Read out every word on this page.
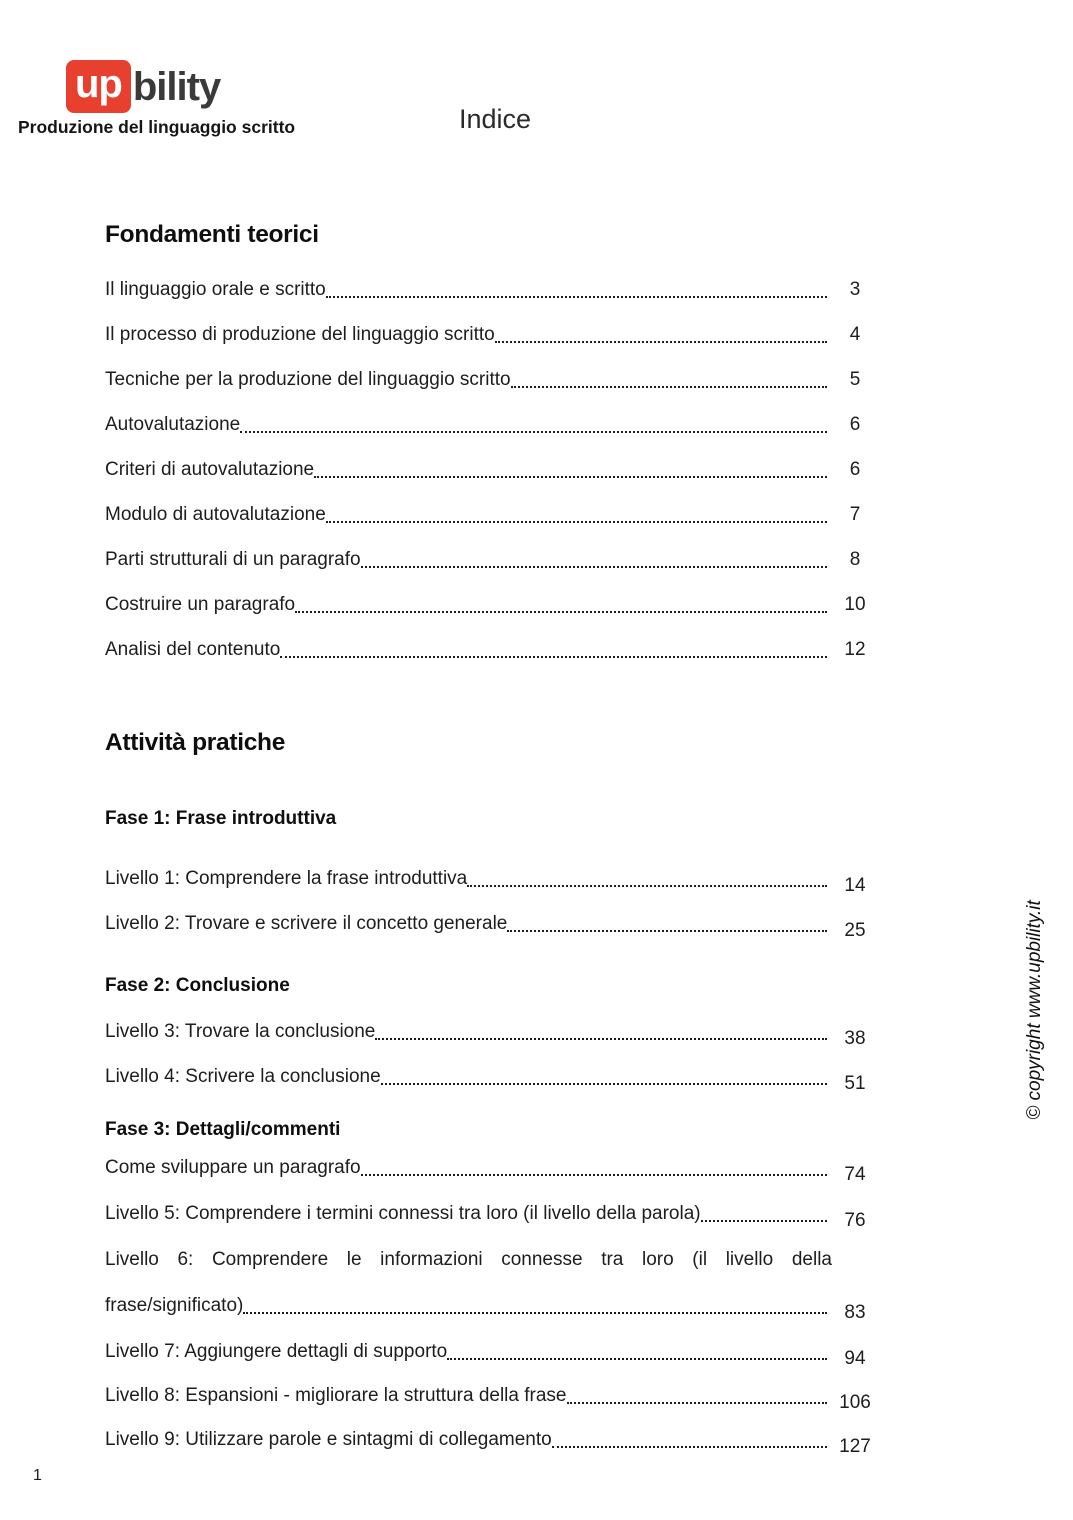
up bility
Produzione del linguaggio scritto	Indice
Fondamenti teorici
Il linguaggio orale e scritto	3
Il processo di produzione del linguaggio scritto	4
Tecniche per la produzione del linguaggio scritto	5
Autovalutazione	6
Criteri di autovalutazione	6
Modulo di autovalutazione	7
Parti strutturali di un paragrafo	8
Costruire un paragrafo	10
Analisi del contenuto	12
Attività pratiche
Fase 1: Frase introduttiva
Livello 1: Comprendere la frase introduttiva	14
Livello 2: Trovare e scrivere il concetto generale	25
Fase 2: Conclusione
Livello 3: Trovare la conclusione	38
Livello 4: Scrivere la conclusione	51
Fase 3: Dettagli/commenti
Come sviluppare un paragrafo	74
Livello 5: Comprendere i termini connessi tra loro (il livello della parola)	76
Livello 6: Comprendere le informazioni connesse tra loro (il livello della
frase/significato)	83
Livello 7: Aggiungere dettagli di supporto	94
Livello 8: Espansioni - migliorare la struttura della frase	106
Livello 9: Utilizzare parole e sintagmi di collegamento	127
© copyright www.upbility.it
1
